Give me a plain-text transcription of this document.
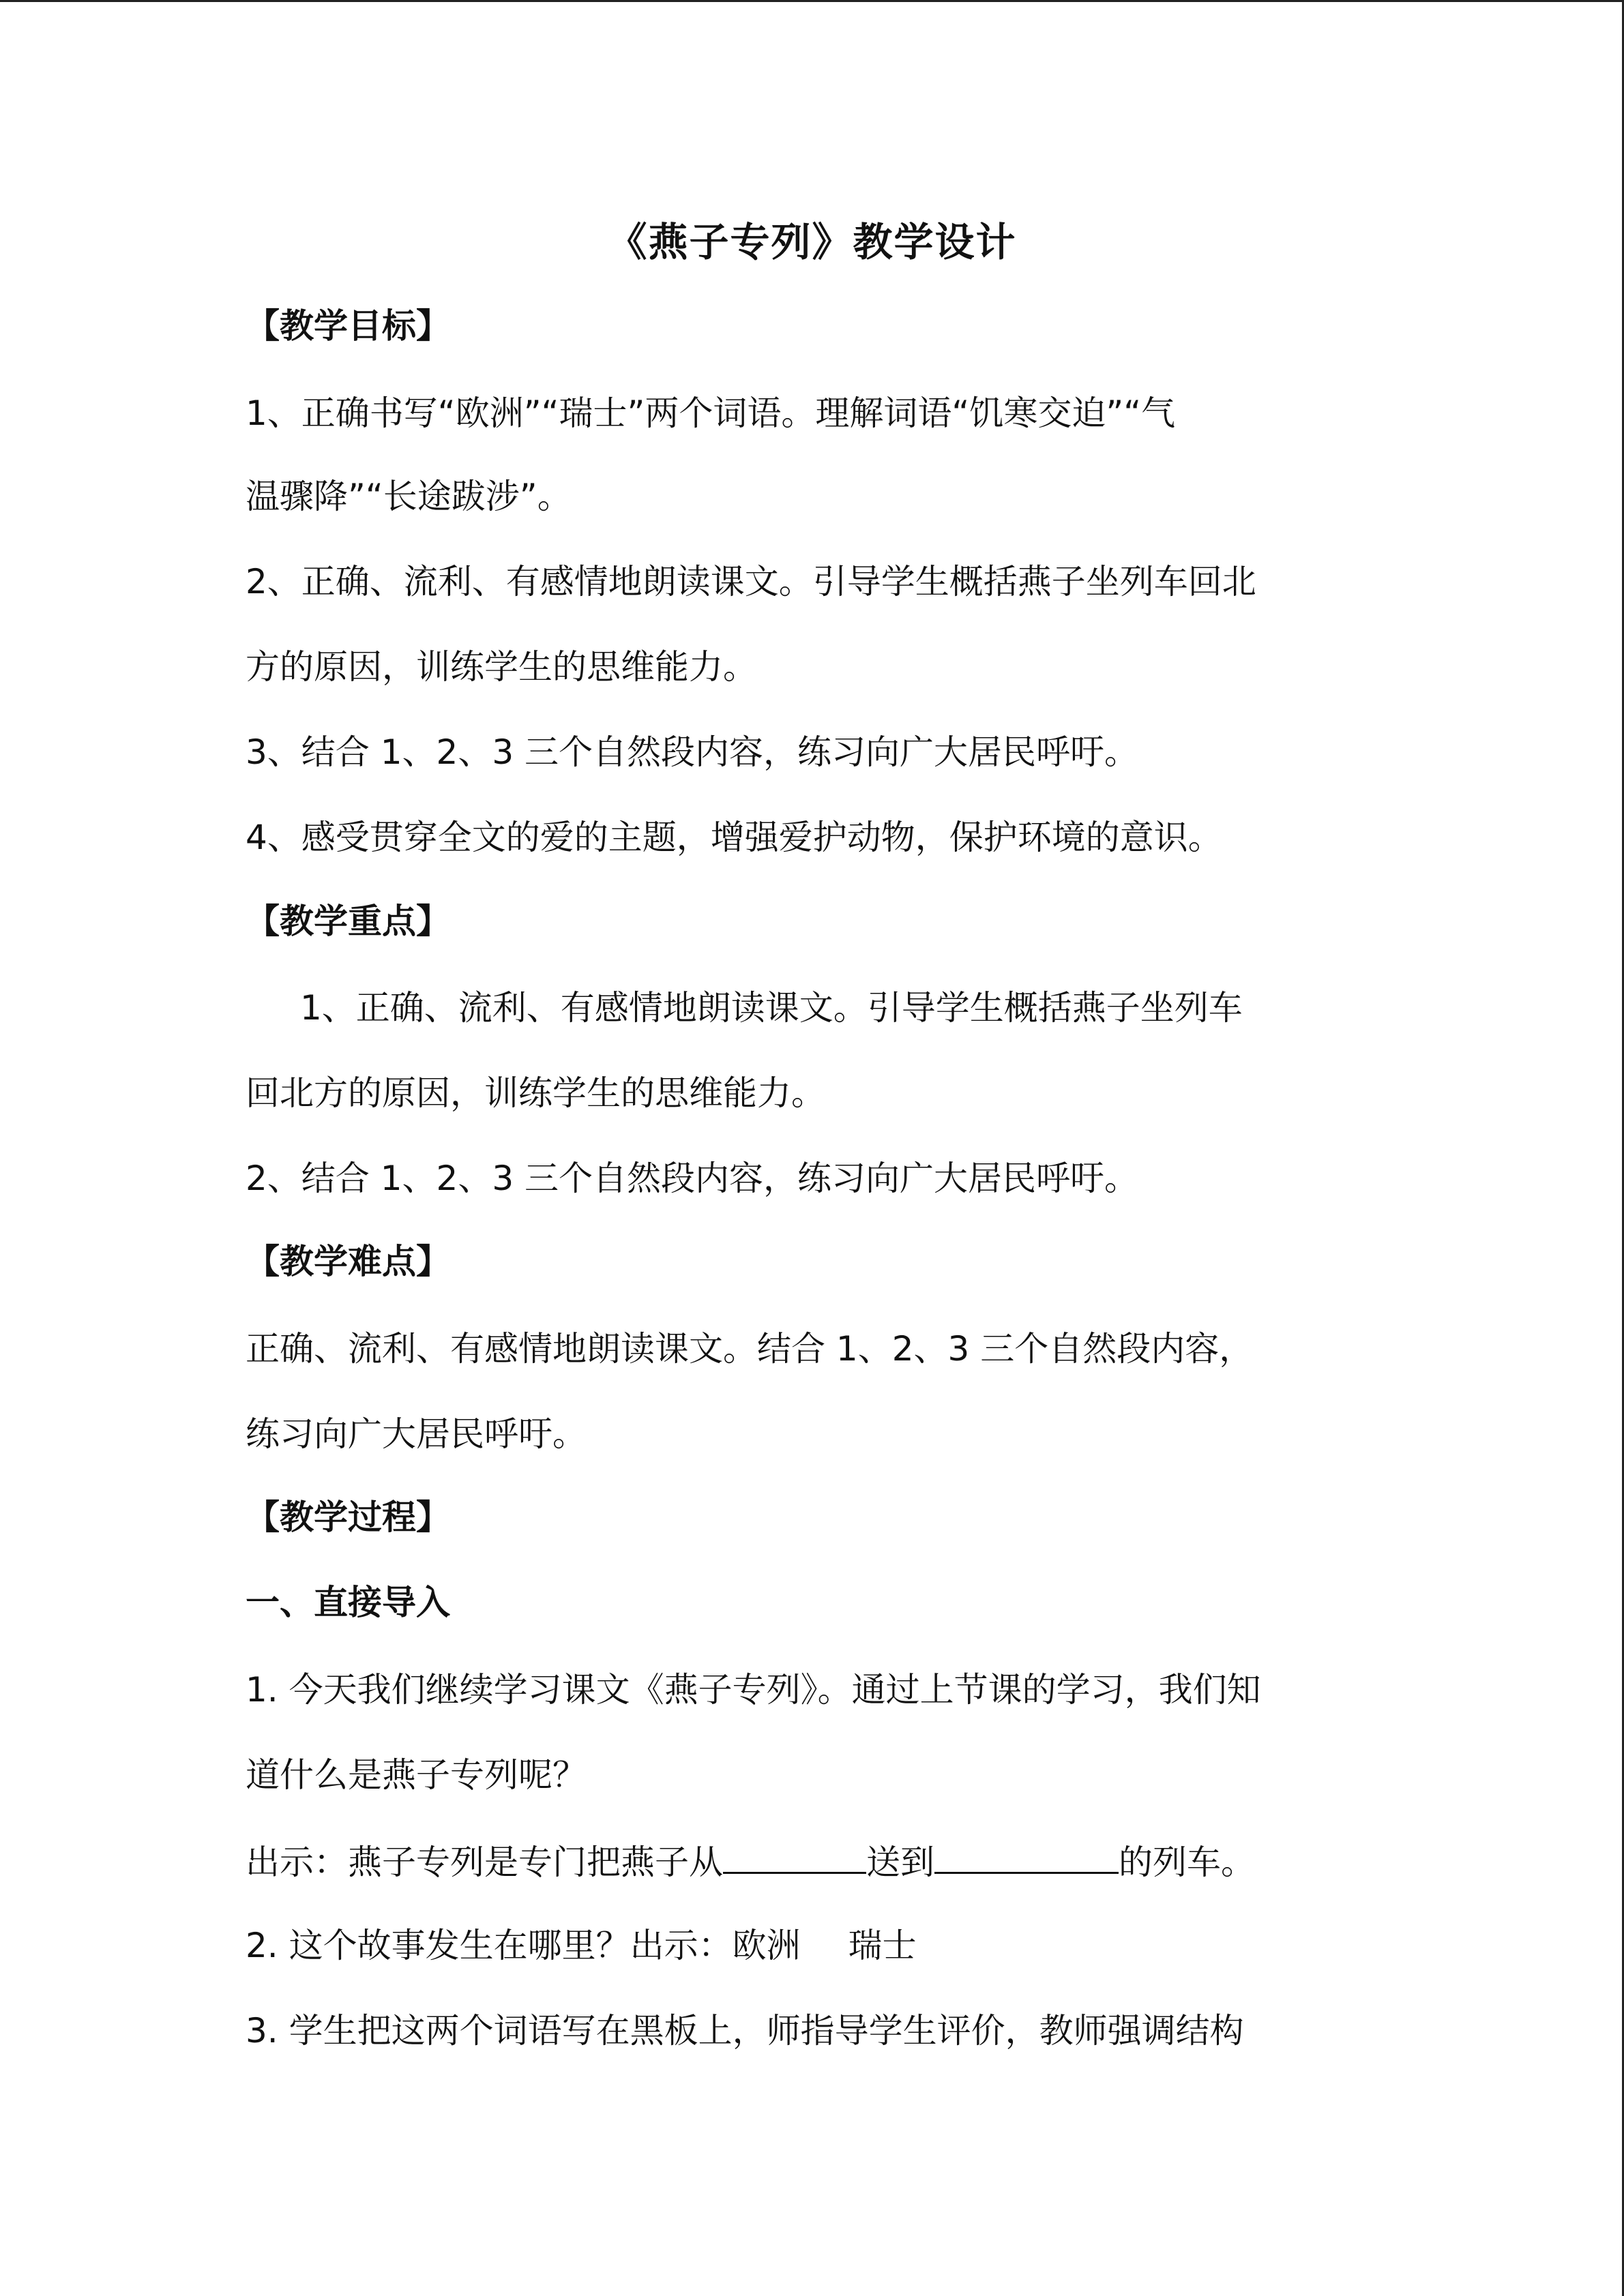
《燕子专列》教学设计
【教学目标】
1、正确书写“欧洲”“瑞士”两个词语。理解词语“饥寒交迫”“气
温骤降”“长途跋涉”。
2、正确、流利、有感情地朗读课文。引导学生概括燕子坐列车回北
方的原因，训练学生的思维能力。
3、结合 1、2、3 三个自然段内容，练习向广大居民呼吁。
4、感受贯穿全文的爱的主题，增强爱护动物，保护环境的意识。
【教学重点】
1、正确、流利、有感情地朗读课文。引导学生概括燕子坐列车
回北方的原因，训练学生的思维能力。
2、结合 1、2、3 三个自然段内容，练习向广大居民呼吁。
【教学难点】
正确、流利、有感情地朗读课文。结合 1、2、3 三个自然段内容，
练习向广大居民呼吁。
【教学过程】
一、直接导入
1. 今天我们继续学习课文《燕子专列》。通过上节课的学习，我们知
道什么是燕子专列呢？
出示：燕子专列是专门把燕子从	送到	的列车。
2. 这个故事发生在哪里？出示：欧洲 瑞士
3. 学生把这两个词语写在黑板上，师指导学生评价，教师强调结构
